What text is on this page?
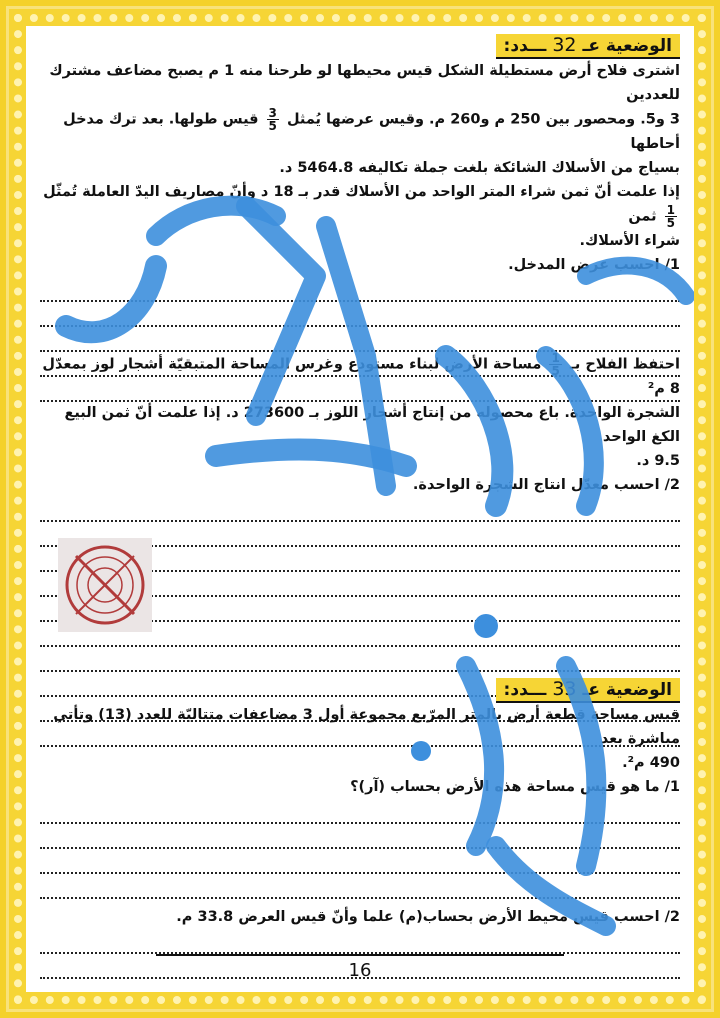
الوضعية عـ32ـــدد:

اشترى فلاح أرض مستطيلة الشكل قيس محيطها لو طرحنا منه 1 م يصبح مضاعف مشترك للعددين

3 و5. ومحصور بين 250 م و260 م. وقيس عرضها يُمثل
$\frac{3}{5}$
قيس طولها. بعد ترك مدخل أحاطها

بسياج من الأسلاك الشائكة بلغت جملة تكاليفه 5464.8 د.

إذا علمت أنّ ثمن شراء المتر الواحد من الأسلاك قدر بـ 18 د وأنّ مصاريف اليدّ العاملة تُمثّل
$\frac{1}{5}$
ثمن

شراء الأسلاك.

1/ احسب عرض المدخل.

احتفظ الفلاح بـ
$\frac{1}{5}$
مساحة الأرض لبناء مستودع وغرس المساحة المتبقيّة أشجار لوز بمعدّل 8 م²

الشجرة الواحدة. باع محصوله من إنتاج أشجار اللوز بـ 273600 د. إذا علمت أنّ ثمن البيع الكغ الواحد

9.5 د.

2/ احسب معدّل انتاج الشجرة الواحدة.

الوضعية عـ33ـــدد:

قيس مساحة قطعة أرض بالمتر المرّبع مجموعة أول 3 مضاعفات متتاليّة للعدد (13) وتأتي مباشرة بعد

490 م².

1/ ما هو قيس مساحة هذه الأرض بحساب (آر)؟

2/ احسب قيس محيط الأرض بحساب(م) علما وأنّ قيس العرض 33.8 م.

16
